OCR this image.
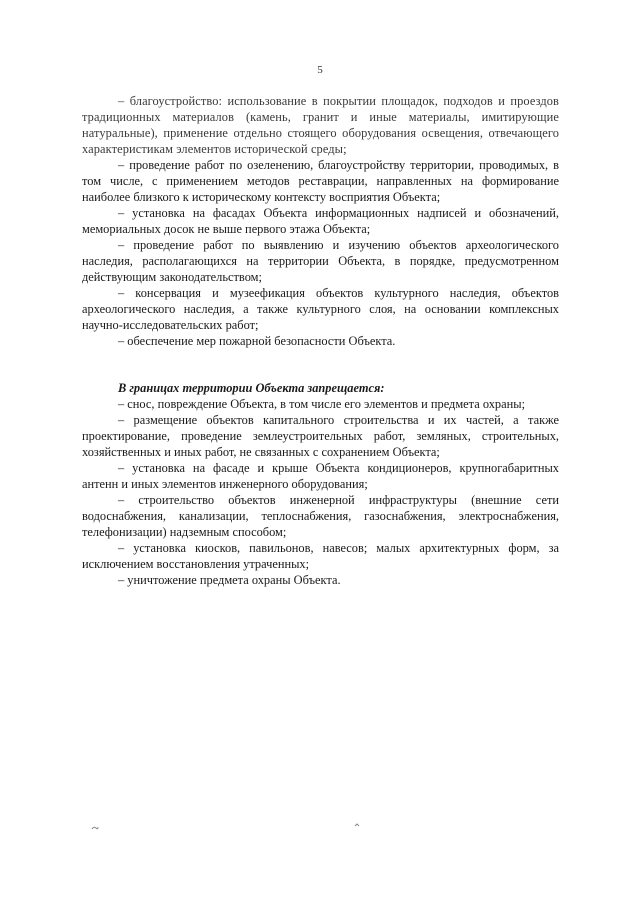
5

– благоустройство: использование в покрытии площадок, подходов и проездов традиционных материалов (камень, гранит и иные материалы, имитирующие натуральные), применение отдельно стоящего оборудования освещения, отвечающего характеристикам элементов исторической среды;

– проведение работ по озеленению, благоустройству территории, проводимых, в том числе, с применением методов реставрации, направленных на формирование наиболее близкого к историческому контексту восприятия Объекта;

– установка на фасадах Объекта информационных надписей и обозначений, мемориальных досок не выше первого этажа Объекта;

– проведение работ по выявлению и изучению объектов археологического наследия, располагающихся на территории Объекта, в порядке, предусмотренном действующим законодательством;

– консервация и музеефикация объектов культурного наследия, объектов археологического наследия, а также культурного слоя, на основании комплексных научно-исследовательских работ;

– обеспечение мер пожарной безопасности Объекта.

В границах территории Объекта запрещается:

– снос, повреждение Объекта, в том числе его элементов и предмета охраны;

– размещение объектов капитального строительства и их частей, а также проектирование, проведение землеустроительных работ, земляных, строительных, хозяйственных и иных работ, не связанных с сохранением Объекта;

– установка на фасаде и крыше Объекта кондиционеров, крупногабаритных антенн и иных элементов инженерного оборудования;

– строительство объектов инженерной инфраструктуры (внешние сети водоснабжения, канализации, теплоснабжения, газоснабжения, электроснабжения, телефонизации) надземным способом;

– установка киосков, павильонов, навесов; малых архитектурных форм, за исключением восстановления утраченных;

– уничтожение предмета охраны Объекта.
